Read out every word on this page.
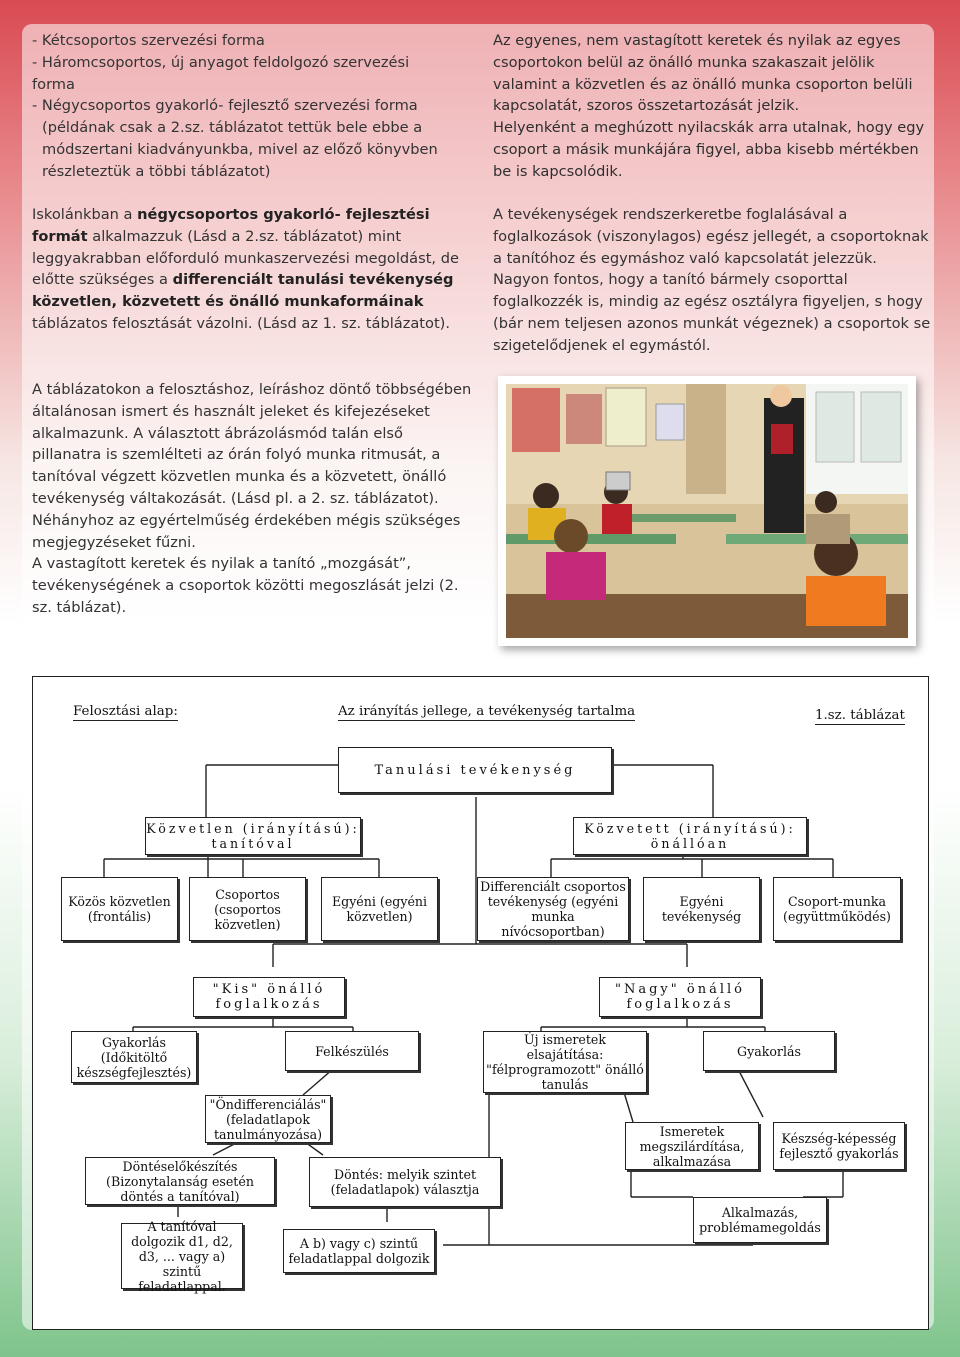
- Kétcsoportos szervezési forma

- Háromcsoportos, új anyagot feldolgozó szervezési forma

- Négycsoportos gyakorló- fejlesztő szervezési forma

(példának csak a 2.sz. táblázatot tettük bele ebbe a módszertani kiadványunkba, mivel az előző könyvben részleteztük a többi táblázatot)

Az egyenes, nem vastagított keretek és nyilak az egyes csoportokon belül az önálló munka szakaszait jelölik valamint a közvetlen és az önálló munka csoporton belüli kapcsolatát, szoros összetartozását jelzik.

Helyenként a meghúzott nyilacskák arra utalnak, hogy egy csoport a másik munkájára figyel, abba kisebb mértékben be is kapcsolódik.

Iskolánkban a négycsoportos gyakorló- fejlesztési formát alkalmazzuk (Lásd a 2.sz. táblázatot) mint leggyakrabban előforduló munkaszervezési megoldást, de előtte szükséges a differenciált tanulási tevékenység közvetlen, közvetett és önálló munkaformáinak táblázatos felosztását vázolni. (Lásd az 1. sz. táblázatot).

A tevékenységek rendszerkeretbe foglalásával a foglalkozások (viszonylagos) egész jellegét, a csoportoknak a tanítóhoz és egymáshoz való kapcsolatát jelezzük. Nagyon fontos, hogy a tanító bármely csoporttal foglalkozzék is, mindig az egész osztályra figyeljen, s hogy (bár nem teljesen azonos munkát végeznek) a csoportok se szigetelődjenek el egymástól.

A táblázatokon a felosztáshoz, leíráshoz döntő többségében általánosan ismert és használt jeleket és kifejezéseket alkalmazunk. A választott ábrázolásmód talán első pillanatra is szemlélteti az órán folyó munka ritmusát, a tanítóval végzett közvetlen munka és a közvetett, önálló tevékenység váltakozását. (Lásd pl. a 2. sz. táblázatot).

Néhányhoz az egyértelműség érdekében mégis szükséges megjegyzéseket fűzni.

A vastagított keretek és nyilak a tanító „mozgását”, tevékenységének a csoportok közötti megoszlását jelzi (2. sz. táblázat).

Felosztási alap:	Az irányítás jellege, a tevékenység tartalma	1.sz. táblázat
Tanulási tevékenység
Közvetlen (irányítású): tanítóval
Közvetett (irányítású): önállóan
Közös közvetlen (frontális)
Csoportos (csoportos közvetlen)
Egyéni (egyéni közvetlen)
Differenciált csoportos tevékenység (egyéni munka nívócsoportban)
Egyéni tevékenység
Csoport-munka (együttműködés)
"Kis" önálló foglalkozás
"Nagy" önálló foglalkozás
Gyakorlás (Időkitöltő készségfejlesztés)
Felkészülés
Új ismeretek elsajátítása: "félprogramozott" önálló tanulás
Gyakorlás
"Öndifferenciálás" (feladatlapok tanulmányozása)
Döntéselőkészítés (Bizonytalanság esetén döntés a tanítóval)
Döntés: melyik szintet (feladatlapok) választja
Ismeretek megszilárdítása, alkalmazása
Készség-képesség fejlesztő gyakorlás
Alkalmazás, problémamegoldás
A tanítóval dolgozik d1, d2, d3, ... vagy a) szintű feladatlappal.
A b) vagy c) szintű feladatlappal dolgozik
